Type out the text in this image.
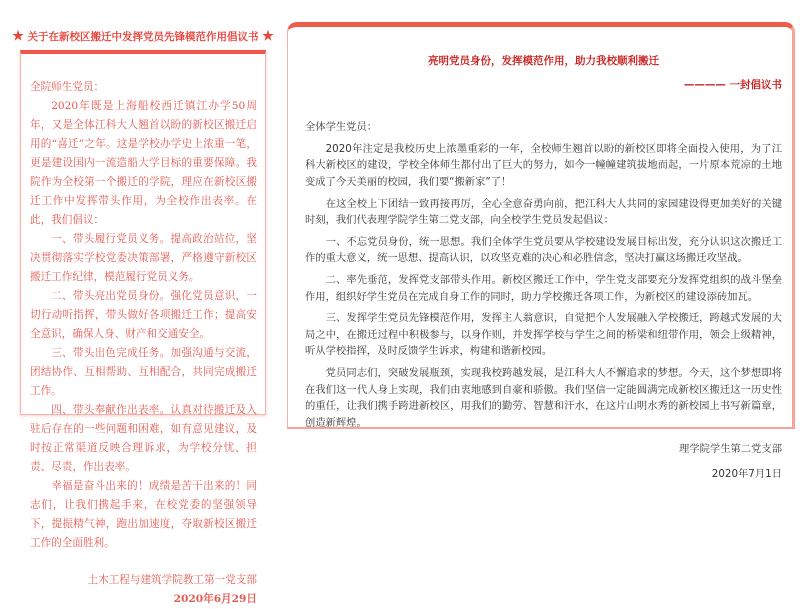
★ 关于在新校区搬迁中发挥党员先锋模范作用倡议书 ★

全院师生党员：

2020年既是上海船校西迁镇江办学50周年，又是全体江科大人翘首以盼的新校区搬迁启用的“喜迁”之年。这是学校办学史上浓重一笔，更是建设国内一流造船大学目标的重要保障。我院作为全校第一个搬迁的学院，理应在新校区搬迁工作中发挥带头作用，为全校作出表率。在此，我们倡议：

一、带头履行党员义务。提高政治站位，坚决贯彻落实学校党委决策部署，严格遵守新校区搬迁工作纪律，模范履行党员义务。

二、带头亮出党员身份。强化党员意识，一切行动听指挥，带头做好各项搬迁工作；提高安全意识，确保人身、财产和交通安全。

三、带头出色完成任务。加强沟通与交流，团结协作、互相帮助、互相配合，共同完成搬迁工作。

四、带头奉献作出表率。认真对待搬迁及入驻后存在的一些问题和困难，如有意见建议，及时按正常渠道反映合理诉求，为学校分忧、担责、尽责，作出表率。

幸福是奋斗出来的！成绩是苦干出来的！同志们，让我们携起手来，在校党委的坚强领导下，提振精气神，跑出加速度，夺取新校区搬迁工作的全面胜利。

土木工程与建筑学院教工第一党支部

2020年6月29日

亮明党员身份，发挥模范作用，助力我校顺利搬迁
———— 一封倡议书

全体学生党员：

2020年注定是我校历史上浓墨重彩的一年，全校师生翘首以盼的新校区即将全面投入使用，为了江科大新校区的建设，学校全体师生都付出了巨大的努力，如今一幢幢建筑拔地而起，一片原本荒凉的土地变成了今天美丽的校园，我们要“搬新家”了！

在这全校上下团结一致再接再厉，全心全意奋勇向前，把江科大人共同的家园建设得更加美好的关键时刻，我们代表理学院学生第二党支部，向全校学生党员发起倡议：

一、不忘党员身份，统一思想。我们全体学生党员要从学校建设发展目标出发，充分认识这次搬迁工作的重大意义，统一思想、提高认识，以攻坚克难的决心和必胜信念，坚决打赢这场搬迁攻坚战。

二、率先垂范，发挥党支部带头作用。新校区搬迁工作中，学生党支部要充分发挥党组织的战斗堡垒作用，组织好学生党员在完成自身工作的同时，助力学校搬迁各项工作，为新校区的建设添砖加瓦。

三、发挥学生党员先锋模范作用，发挥主人翁意识，自觉把个人发展融入学校搬迁，跨越式发展的大局之中，在搬迁过程中积极参与，以身作则，并发挥学校与学生之间的桥梁和纽带作用，领会上级精神，听从学校指挥，及时反馈学生诉求，构建和谐新校园。

党员同志们，突破发展瓶颈，实现我校跨越发展，是江科大人不懈追求的梦想。今天，这个梦想即将在我们这一代人身上实现，我们由衷地感到自豪和骄傲。我们坚信一定能圆满完成新校区搬迁这一历史性的重任，让我们携手跨进新校区，用我们的勤劳、智慧和汗水，在这片山明水秀的新校园上书写新篇章，创造新辉煌。

理学院学生第二党支部

2020年7月1日
